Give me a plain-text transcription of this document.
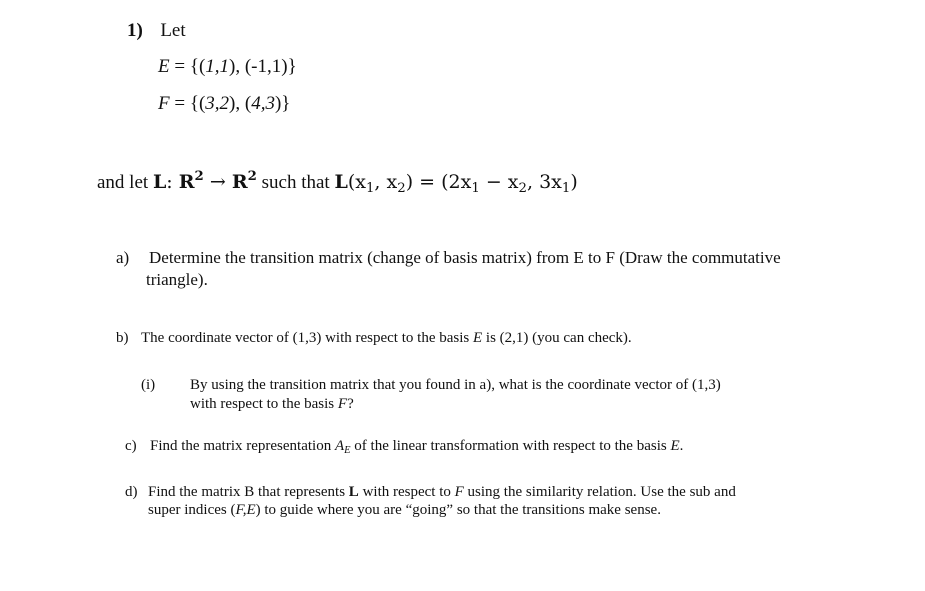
1) Let
E = {(1,1), (-1,1)}
F = {(3,2), (4,3)}
and let L: $R^2 \to R^2$ such that $L(x_1$, $x_2) = (2x_1 - x_2$, $3x_1$)
a) Determine the transition matrix (change of basis matrix) from E to F (Draw the commutative
triangle).
b) The coordinate vector of (1,3) with respect to the basis E is (2,1) (you can check).
(i) By using the transition matrix that you found in a), what is the coordinate vector of (1,3)
with respect to the basis F?
c) Find the matrix representation $A_E$ of the linear transformation with respect to the basis E.
d) Find the matrix B that represents L with respect to F using the similarity relation. Use the sub and
super indices (F,E) to guide where you are “going” so that the transitions make sense.
